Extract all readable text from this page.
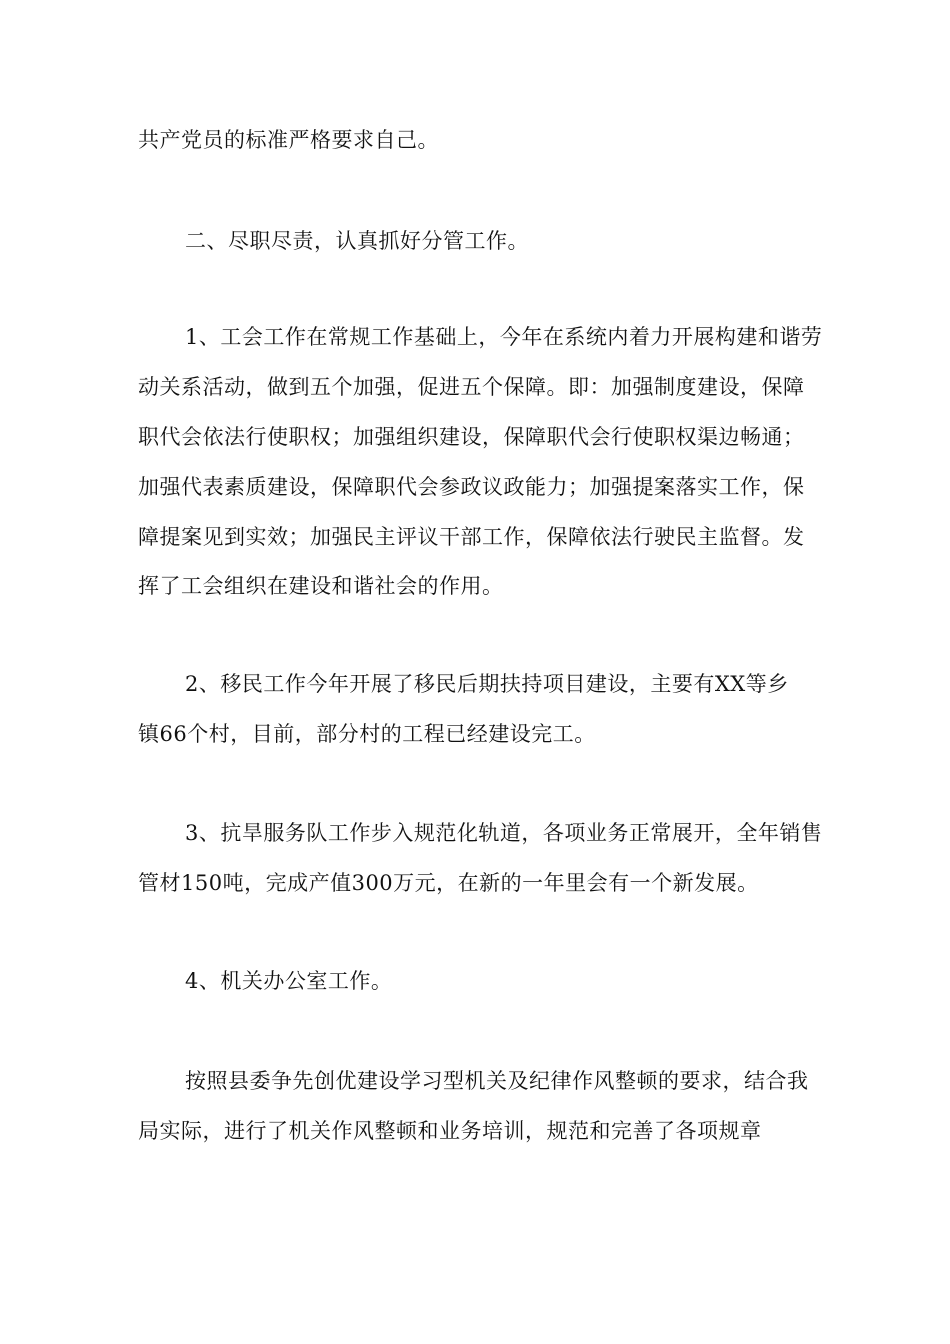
共产党员的标准严格要求自己。
二、尽职尽责，认真抓好分管工作。
1、工会工作在常规工作基础上，今年在系统内着力开展构建和谐劳
动关系活动，做到五个加强，促进五个保障。即：加强制度建设，保障
职代会依法行使职权；加强组织建设，保障职代会行使职权渠边畅通；
加强代表素质建设，保障职代会参政议政能力；加强提案落实工作，保
障提案见到实效；加强民主评议干部工作，保障依法行驶民主监督。发
挥了工会组织在建设和谐社会的作用。
2、移民工作今年开展了移民后期扶持项目建设，主要有XX等乡
镇66个村，目前，部分村的工程已经建设完工。
3、抗旱服务队工作步入规范化轨道，各项业务正常展开，全年销售
管材150吨，完成产值300万元，在新的一年里会有一个新发展。
4、机关办公室工作。
按照县委争先创优建设学习型机关及纪律作风整顿的要求，结合我
局实际，进行了机关作风整顿和业务培训，规范和完善了各项规章
